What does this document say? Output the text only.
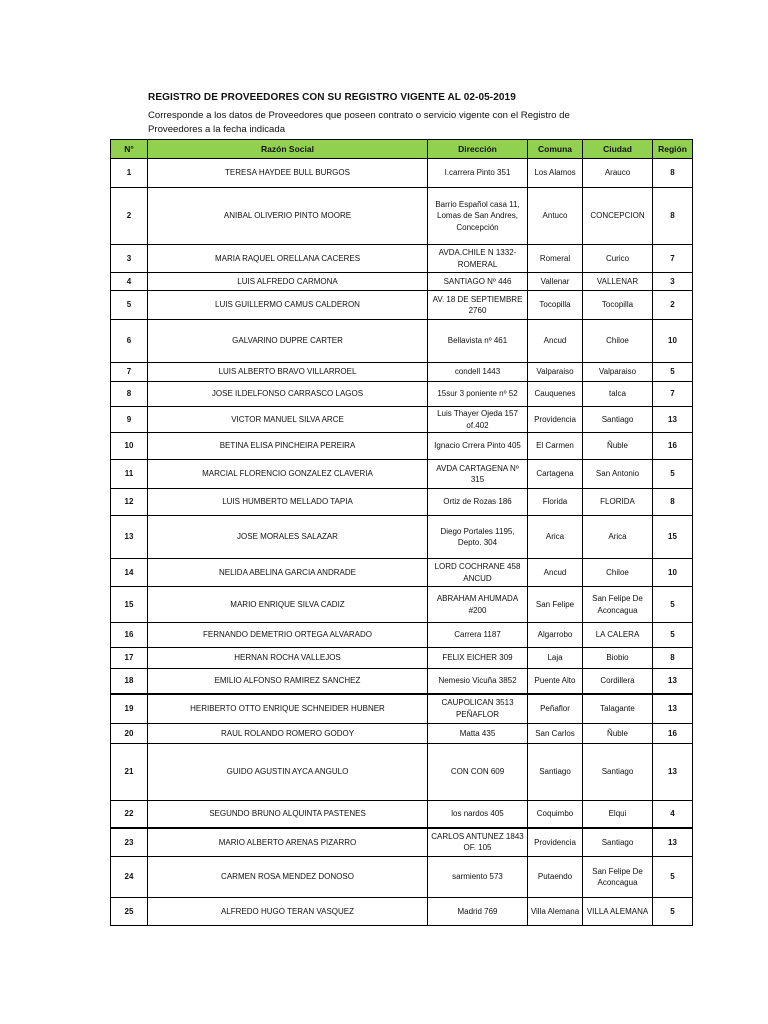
REGISTRO DE PROVEEDORES CON SU REGISTRO VIGENTE AL 02-05-2019
Corresponde a los datos de Proveedores que poseen contrato o servicio vigente con el Registro de
Proveedores a la fecha indicada
N°	Razón Social	Dirección	Comuna	Ciudad	Región
1	TERESA HAYDEE BULL BURGOS	I.carrera Pinto 351	Los Alamos	Arauco	8
2	ANIBAL OLIVERIO PINTO MOORE	Barrio Español casa 11, Lomas de San Andres, Concepción	Antuco	CONCEPCION	8
3	MARIA RAQUEL ORELLANA CACERES	AVDA.CHILE N 1332- ROMERAL	Romeral	Curico	7
4	LUIS ALFREDO CARMONA	SANTIAGO Nº 446	Vallenar	VALLENAR	3
5	LUIS GUILLERMO CAMUS CALDERON	AV. 18 DE SEPTIEMBRE 2760	Tocopilla	Tocopilla	2
6	GALVARINO DUPRE CARTER	Bellavista nº 461	Ancud	Chiloe	10
7	LUIS ALBERTO BRAVO VILLARROEL	condell 1443	Valparaiso	Valparaiso	5
8	JOSE ILDELFONSO CARRASCO LAGOS	15sur 3 poniente nº 52	Cauquenes	talca	7
9	VICTOR MANUEL SILVA ARCE	Luis Thayer Ojeda 157 of.402	Providencia	Santiago	13
10	BETINA ELISA PINCHEIRA PEREIRA	Ignacio Crrera Pinto 405	El Carmen	Ñuble	16
11	MARCIAL FLORENCIO GONZALEZ CLAVERIA	AVDA CARTAGENA Nº 315	Cartagena	San Antonio	5
12	LUIS HUMBERTO MELLADO TAPIA	Ortiz de Rozas 186	Florida	FLORIDA	8
13	JOSE MORALES SALAZAR	Diego Portales 1195, Depto. 304	Arica	Arica	15
14	NELIDA ABELINA GARCIA ANDRADE	LORD COCHRANE 458 ANCUD	Ancud	Chiloe	10
15	MARIO ENRIQUE SILVA CADIZ	ABRAHAM AHUMADA #200	San Felipe	San Felipe De Aconcagua	5
16	FERNANDO DEMETRIO ORTEGA ALVARADO	Carrera 1187	Algarrobo	LA CALERA	5
17	HERNAN ROCHA VALLEJOS	FELIX EICHER 309	Laja	Biobio	8
18	EMILIO ALFONSO RAMIREZ SANCHEZ	Nemesio Vicuña 3852	Puente Alto	Cordillera	13
19	HERIBERTO OTTO ENRIQUE SCHNEIDER HUBNER	CAUPOLICAN 3513 PEÑAFLOR	Peñaflor	Talagante	13
20	RAUL ROLANDO ROMERO GODOY	Matta 435	San Carlos	Ñuble	16
21	GUIDO AGUSTIN AYCA ANGULO	CON CON 609	Santiago	Santiago	13
22	SEGUNDO BRUNO ALQUINTA PASTENES	los nardos 405	Coquimbo	Elqui	4
23	MARIO ALBERTO ARENAS PIZARRO	CARLOS ANTUNEZ 1843 OF. 105	Providencia	Santiago	13
24	CARMEN ROSA MENDEZ DONOSO	sarmiento 573	Putaendo	San Felipe De Aconcagua	5
25	ALFREDO HUGO TERAN VASQUEZ	Madrid 769	Villa Alemana	VILLA ALEMANA	5
